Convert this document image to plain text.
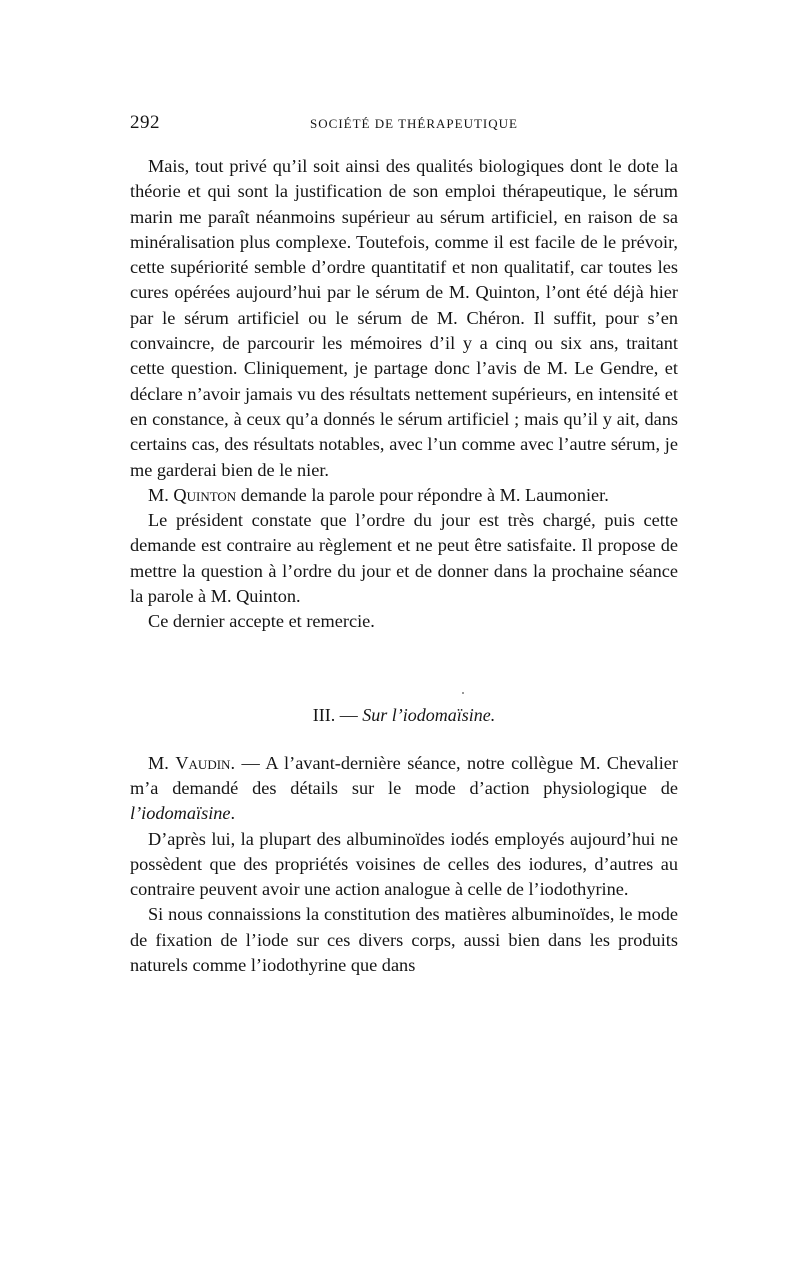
292	SOCIÉTÉ DE THÉRAPEUTIQUE

Mais, tout privé qu’il soit ainsi des qualités biologiques dont le dote la théorie et qui sont la justification de son emploi thérapeutique, le sérum marin me paraît néanmoins supérieur au sérum artificiel, en raison de sa minéralisation plus complexe. Toutefois, comme il est facile de le prévoir, cette supériorité semble d’ordre quantitatif et non qualitatif, car toutes les cures opérées aujourd’hui par le sérum de M. Quinton, l’ont été déjà hier par le sérum artificiel ou le sérum de M. Chéron. Il suffit, pour s’en convaincre, de parcourir les mémoires d’il y a cinq ou six ans, traitant cette question. Cliniquement, je partage donc l’avis de M. Le Gendre, et déclare n’avoir jamais vu des résultats nettement supérieurs, en intensité et en constance, à ceux qu’a donnés le sérum artificiel ; mais qu’il y ait, dans certains cas, des résultats notables, avec l’un comme avec l’autre sérum, je me garderai bien de le nier.

M. Quinton demande la parole pour répondre à M. Laumonier.

Le président constate que l’ordre du jour est très chargé, puis cette demande est contraire au règlement et ne peut être satisfaite. Il propose de mettre la question à l’ordre du jour et de donner dans la prochaine séance la parole à M. Quinton.

Ce dernier accepte et remercie.

III. — Sur l’iodomaïsine.

M. Vaudin. — A l’avant-dernière séance, notre collègue M. Chevalier m’a demandé des détails sur le mode d’action physiologique de l’iodomaïsine.

D’après lui, la plupart des albuminoïdes iodés employés aujourd’hui ne possèdent que des propriétés voisines de celles des iodures, d’autres au contraire peuvent avoir une action analogue à celle de l’iodothyrine.

Si nous connaissions la constitution des matières albuminoïdes, le mode de fixation de l’iode sur ces divers corps, aussi bien dans les produits naturels comme l’iodothyrine que dans
